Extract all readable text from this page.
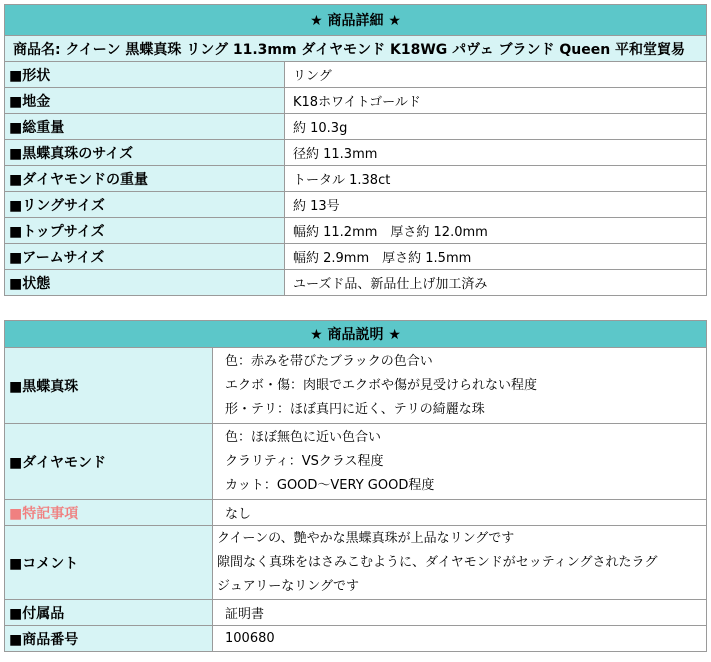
★ 商品詳細 ★	
商品名: クイーン 黒蝶真珠 リング 11.3mm ダイヤモンド K18WG パヴェ ブランド Queen 平和堂貿易	
■形状	リング
■地金	K18ホワイトゴールド
■総重量	約 10.3g
■黒蝶真珠のサイズ	径約 11.3mm
■ダイヤモンドの重量	トータル 1.38ct
■リングサイズ	約 13号
■トップサイズ	幅約 11.2mm　厚さ約 12.0mm
■アームサイズ	幅約 2.9mm　厚さ約 1.5mm
■状態	ユーズド品、新品仕上げ加工済み
★ 商品説明 ★	
■黒蝶真珠	色：赤みを帯びたブラックの色合い
エクボ・傷：肉眼でエクボや傷が見受けられない程度
形・テリ：ほぼ真円に近く、テリの綺麗な珠

■ダイヤモンド	色：ほぼ無色に近い色合い
クラリティ：VSクラス程度
カット：GOOD～VERY GOOD程度

■特記事項	なし
■コメント	クイーンの、艶やかな黒蝶真珠が上品なリングです
隙間なく真珠をはさみこむように、ダイヤモンドがセッティングされたラグ
ジュアリーなリングです

■付属品	証明書
■商品番号	100680
